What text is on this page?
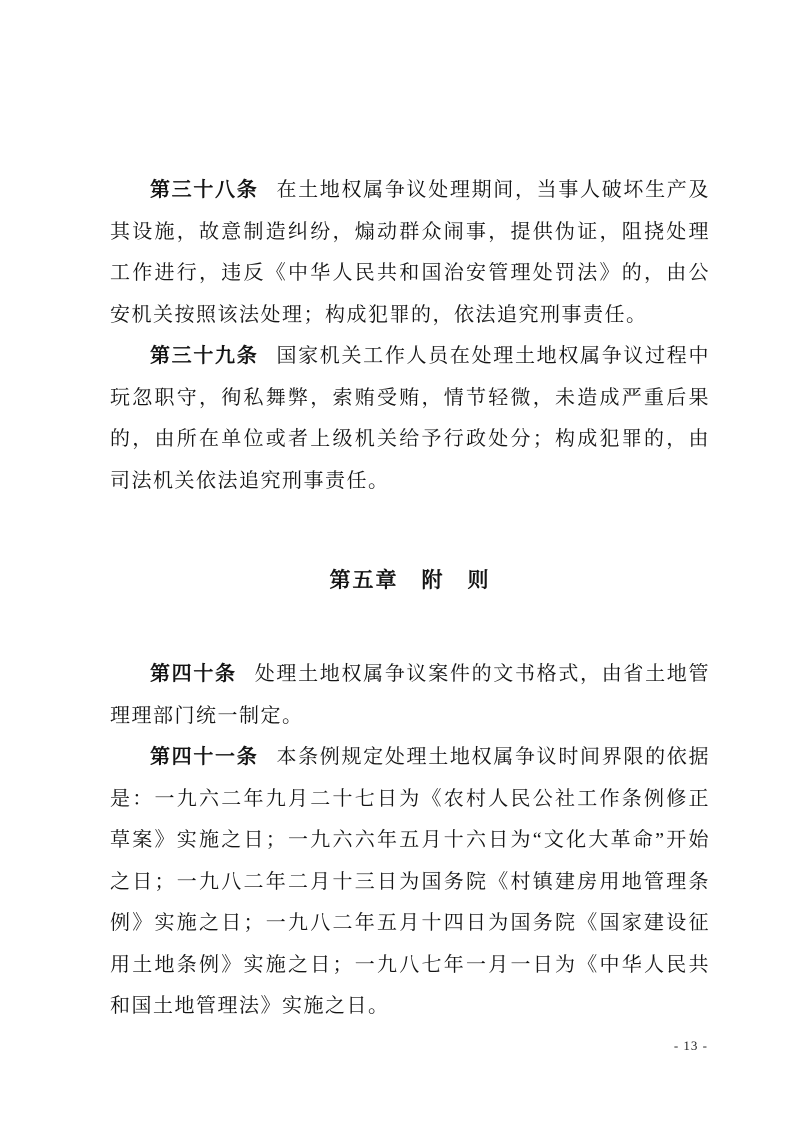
第三十八条 在土地权属争议处理期间，当事人破坏生产及其设施，故意制造纠纷，煽动群众闹事，提供伪证，阻挠处理工作进行，违反《中华人民共和国治安管理处罚法》的，由公安机关按照该法处理；构成犯罪的，依法追究刑事责任。

第三十九条 国家机关工作人员在处理土地权属争议过程中玩忽职守，徇私舞弊，索贿受贿，情节轻微，未造成严重后果的，由所在单位或者上级机关给予行政处分；构成犯罪的，由司法机关依法追究刑事责任。

第五章　附　则

第四十条 处理土地权属争议案件的文书格式，由省土地管理理部门统一制定。

第四十一条 本条例规定处理土地权属争议时间界限的依据是：一九六二年九月二十七日为《农村人民公社工作条例修正草案》实施之日；一九六六年五月十六日为“文化大革命”开始之日；一九八二年二月十三日为国务院《村镇建房用地管理条例》实施之日；一九八二年五月十四日为国务院《国家建设征用土地条例》实施之日；一九八七年一月一日为《中华人民共和国土地管理法》实施之日。

- 13 -
